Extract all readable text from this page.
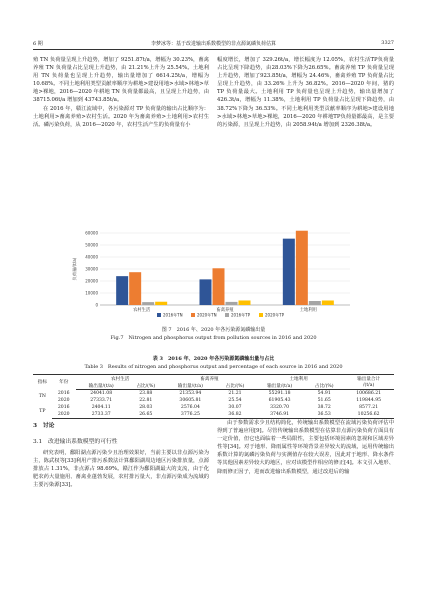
6 期	李梦冰等：基于改进输出系数模型的非点源氮磷负荷估算	3327

殖 TN 负荷量呈现上升趋势，增加了 9251.87t/a，增幅为 30.23%，畜禽养殖 TN 负荷量占比呈现上升趋势，由 21.21%上升为 25.54%。土地利用 TN 负荷量也呈现上升趋势，输出量增加了 6614.25t/a，增幅为 10.68%。不同土地利用类型贡献率顺序为耕地>建设用地>水域>林地>草地>裸地，2016—2020 年耕地 TN 负荷量都最高，且呈现上升趋势，由 38715.06t/a 增加到 43743.85t/a。

在 2016 年，赣江流域中，各污染源对 TP 负荷量的输出占比顺序为：土地利用>畜禽养殖>农村生活。2020 年为畜禽养殖>土地利用>农村生活。磷污染负荷，从 2016—2020 年，农村生活产生的负荷量有小

幅度增长，增加了 329.26t/a，增长幅度为 12.05%，农村生活TP负荷量占比呈现下降趋势，由28.03%下降为26.65%。畜禽养殖 TP 负荷量呈现上升趋势，增加了923.85t/a，增幅为 24.46%，畜禽养殖 TP 负荷量占比呈现上升趋势，由 33.26% 上升为 36.82%。2016—2020 年间，猪的 TP 负荷量最大。土地利用 TP 负荷量也呈现上升趋势，输出量增加了 426.3t/a，增幅为 11.38%，土地利用 TP 负荷量占比呈现下降趋势，由 38.72%下降为 36.53%。不同土地利用类型贡献率顺序为耕地>建设用地>水域>林地>草地>裸地，2016—2020 年耕地TP负荷量都最高，是主要的污染源，且呈现上升趋势，由 2058.94t/a 增加到 2326.38t/a。

0
10000
20000
30000
40000
50000
60000
负荷量/(t/a)
农村生活	畜禽养殖	土地利用
2016年TN	2020年TN	2016年TP	2020年TP
图 7　2016 年、2020 年各污染源氮磷输出量
Fig.7　Nitrogen and phosphorus output from pollution sources in 2016 and 2020
表 3　2016 年、2020 年各污染源氮磷输出量与占比
Table 3　Results of nitrogen and phosphorus output and percentage of each source in 2016 and 2020
指标	年份	农村生活		畜禽养殖		土地利用		输出量合计
		输出量/(t/a)	占比/(%)	输出量/(t/a)	占比/(%)	输出量/(t/a)	占比/(%)	/(t/a)
TN	2016	24041.08	23.88	21353.94	21.21	55291.18	54.91	100686.21
	2020	27333.71	22.81	30605.81	25.54	61905.43	51.65	119844.95
TP	2016	2404.11	28.03	2576.04	30.07	3320.70	38.72	8577.21
	2020	2733.37	26.65	3776.25	36.82	3746.91	36.53	10256.62
3　讨论
3.1　改进输出系数模型的可行性

研究表明，鄱阳湖点源污染少且治理效果好，当前主要以非点源污染为主，陈武权等[33]利用产排污系数法计算鄱阳湖周边地区污染排放量，点源排放占 1.31%，非点源占 98.69%。赣江作为鄱阳湖最大的支流，由于化肥农药大量施用、畜禽业蓬勃发展，农村排污量大，非点源污染成为流域的主要污染源[33]。

由于参数需求少且结构简化，传统输出系数模型在流域污染负荷评估中得到了普遍应用[9]。尽管传统输出系数模型在估算非点源污染负荷方面具有一定价值，但它也面临着一些局限性，主要包括环境因素的忽视和区域差异性等[34]。对于地形、降雨属性等环境背景差异较大的流域，运用传统输出系数计算的氮磷污染负荷与实测值存在较大误差，因此对于地形、降水条件等其他因素差异较大的地区，应对该模型作相应的修正[4]。本文引入地形、降雨修正因子，进而改进输出系数模型，通过改进后的输
